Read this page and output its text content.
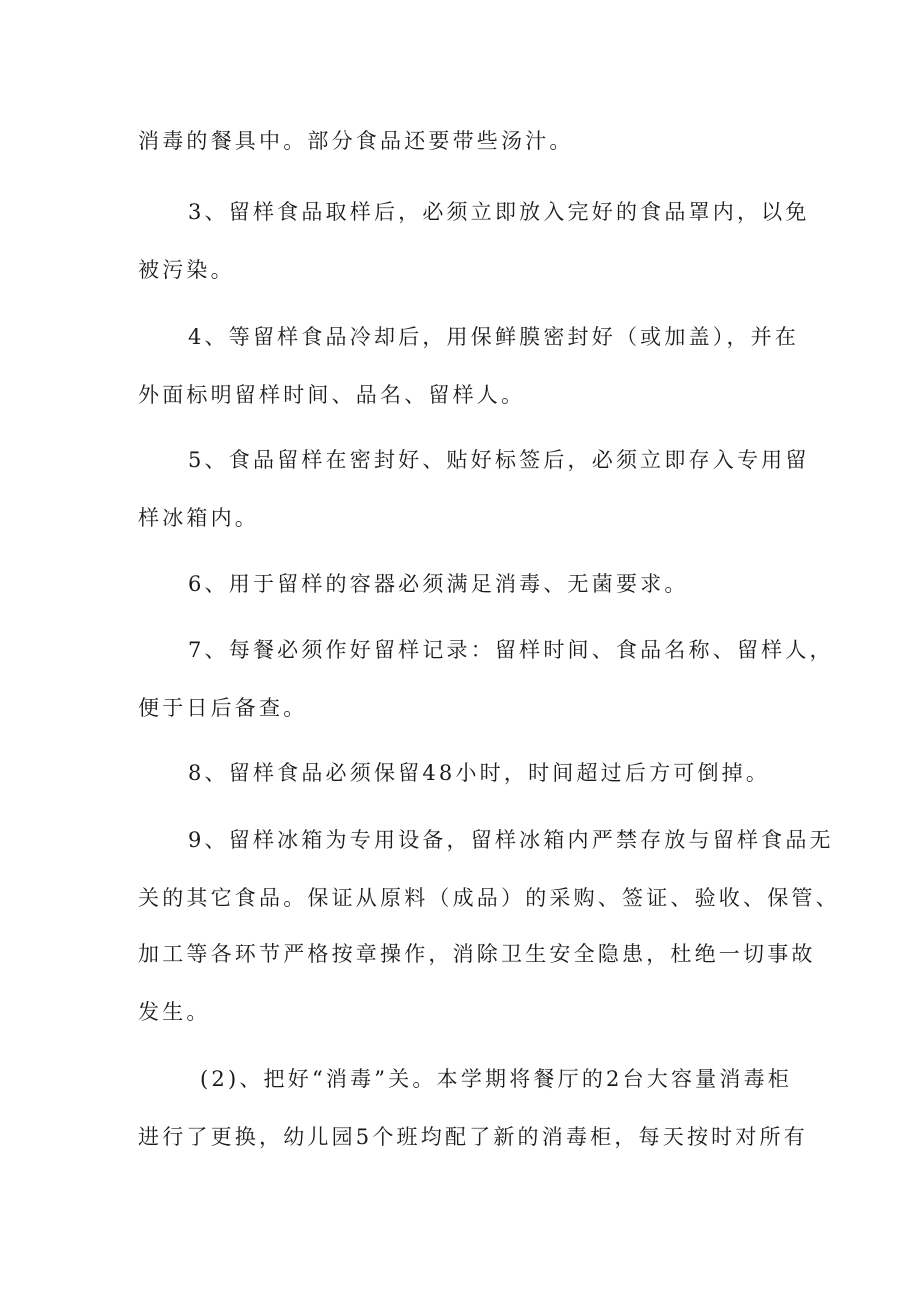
消毒的餐具中。部分食品还要带些汤汁。
3、留样食品取样后，必须立即放入完好的食品罩内，以免
被污染。
4、等留样食品冷却后，用保鲜膜密封好（或加盖），并在
外面标明留样时间、品名、留样人。
5、食品留样在密封好、贴好标签后，必须立即存入专用留
样冰箱内。
6、用于留样的容器必须满足消毒、无菌要求。
7、每餐必须作好留样记录：留样时间、食品名称、留样人，
便于日后备查。
8、留样食品必须保留48小时，时间超过后方可倒掉。
9、留样冰箱为专用设备，留样冰箱内严禁存放与留样食品无
关的其它食品。保证从原料（成品）的采购、签证、验收、保管、
加工等各环节严格按章操作，消除卫生安全隐患，杜绝一切事故
发生。
(2)、把好“消毒”关。本学期将餐厅的2台大容量消毒柜
进行了更换，幼儿园5个班均配了新的消毒柜，每天按时对所有
